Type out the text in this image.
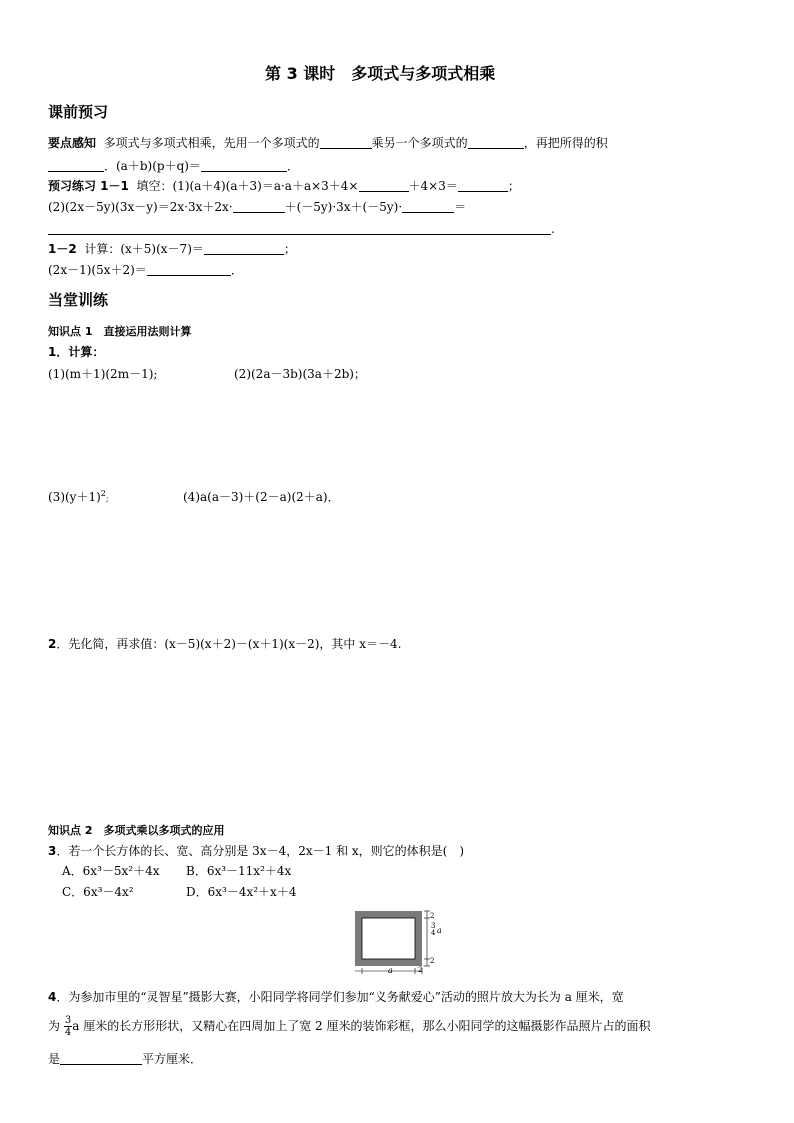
第 3 课时　多项式与多项式相乘
课前预习
要点感知 多项式与多项式相乘，先用一个多项式的	乘另一个多项式的	，再把所得的积
．(a＋b)(p＋q)＝	．
预习练习 1－1 填空：(1)(a＋4)(a＋3)＝a·a＋a×3＋4×	＋4×3＝	；
(2)(2x－5y)(3x－y)＝2x·3x＋2x·	＋(－5y)·3x＋(－5y)·	＝
.
1－2 计算：(x＋5)(x－7)＝	；
(2x－1)(5x＋2)＝	．
当堂训练
知识点 1　直接运用法则计算
1．计算：
(1)(m＋1)(2m－1);	(2)(2a－3b)(3a＋2b)；
$(3)(y+1)^2$;	(4)a(a－3)＋(2－a)(2＋a)．
2．先化简，再求值：(x－5)(x＋2)－(x＋1)(x－2)，其中 x＝－4.
知识点 2　多项式乘以多项式的应用
3．若一个长方体的长、宽、高分别是 3x－4，2x－1 和 x，则它的体积是(　)
A．6x³－5x²＋4x B．6x³－11x²＋4x
C．6x³－4x²	D．6x³－4x²＋x＋4
3
4 a
2
2
a	2
4．为参加市里的“灵智星”摄影大赛，小阳同学将同学们参加“义务献爱心”活动的照片放大为长为 a 厘米，宽
为 $\frac{3}{4}$ a 厘米的长方形形状，又精心在四周加上了宽 2 厘米的装饰彩框，那么小阳同学的这幅摄影作品照片占的面积
是	平方厘米．
